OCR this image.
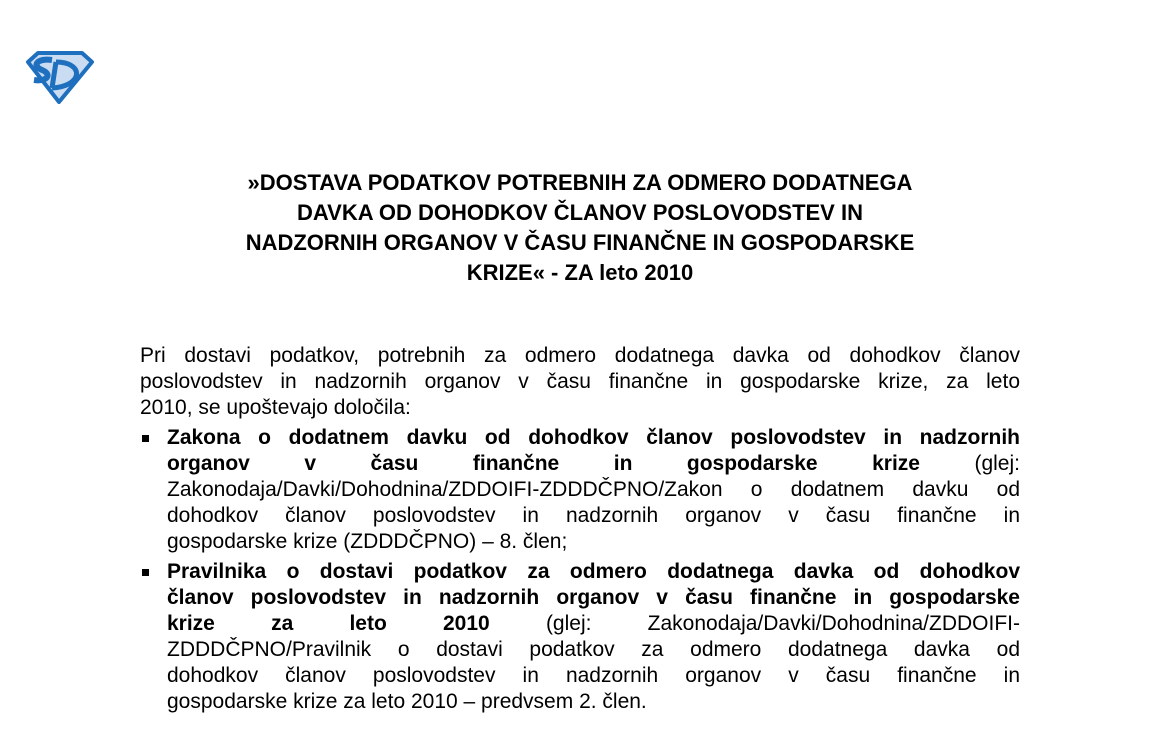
»DOSTAVA PODATKOV POTREBNIH ZA ODMERO DODATNEGA
DAVKA OD DOHODKOV ČLANOV POSLOVODSTEV IN
NADZORNIH ORGANOV V ČASU FINANČNE IN GOSPODARSKE
KRIZE« - ZA leto 2010
Pri dostavi podatkov, potrebnih za odmero dodatnega davka od dohodkov članov
poslovodstev in nadzornih organov v času finančne in gospodarske krize, za leto
2010, se upoštevajo določila:
Zakona o dodatnem davku od dohodkov članov poslovodstev in nadzornih
organov v času finančne in gospodarske krize (glej:
Zakonodaja/Davki/Dohodnina/ZDDOIFI-ZDDDČPNO/Zakon o dodatnem davku od
dohodkov članov poslovodstev in nadzornih organov v času finančne in
gospodarske krize (ZDDDČPNO) – 8. člen;
Pravilnika o dostavi podatkov za odmero dodatnega davka od dohodkov
članov poslovodstev in nadzornih organov v času finančne in gospodarske
krize za leto 2010 (glej: Zakonodaja/Davki/Dohodnina/ZDDOIFI-
ZDDDČPNO/Pravilnik o dostavi podatkov za odmero dodatnega davka od
dohodkov članov poslovodstev in nadzornih organov v času finančne in
gospodarske krize za leto 2010 – predvsem 2. člen.
